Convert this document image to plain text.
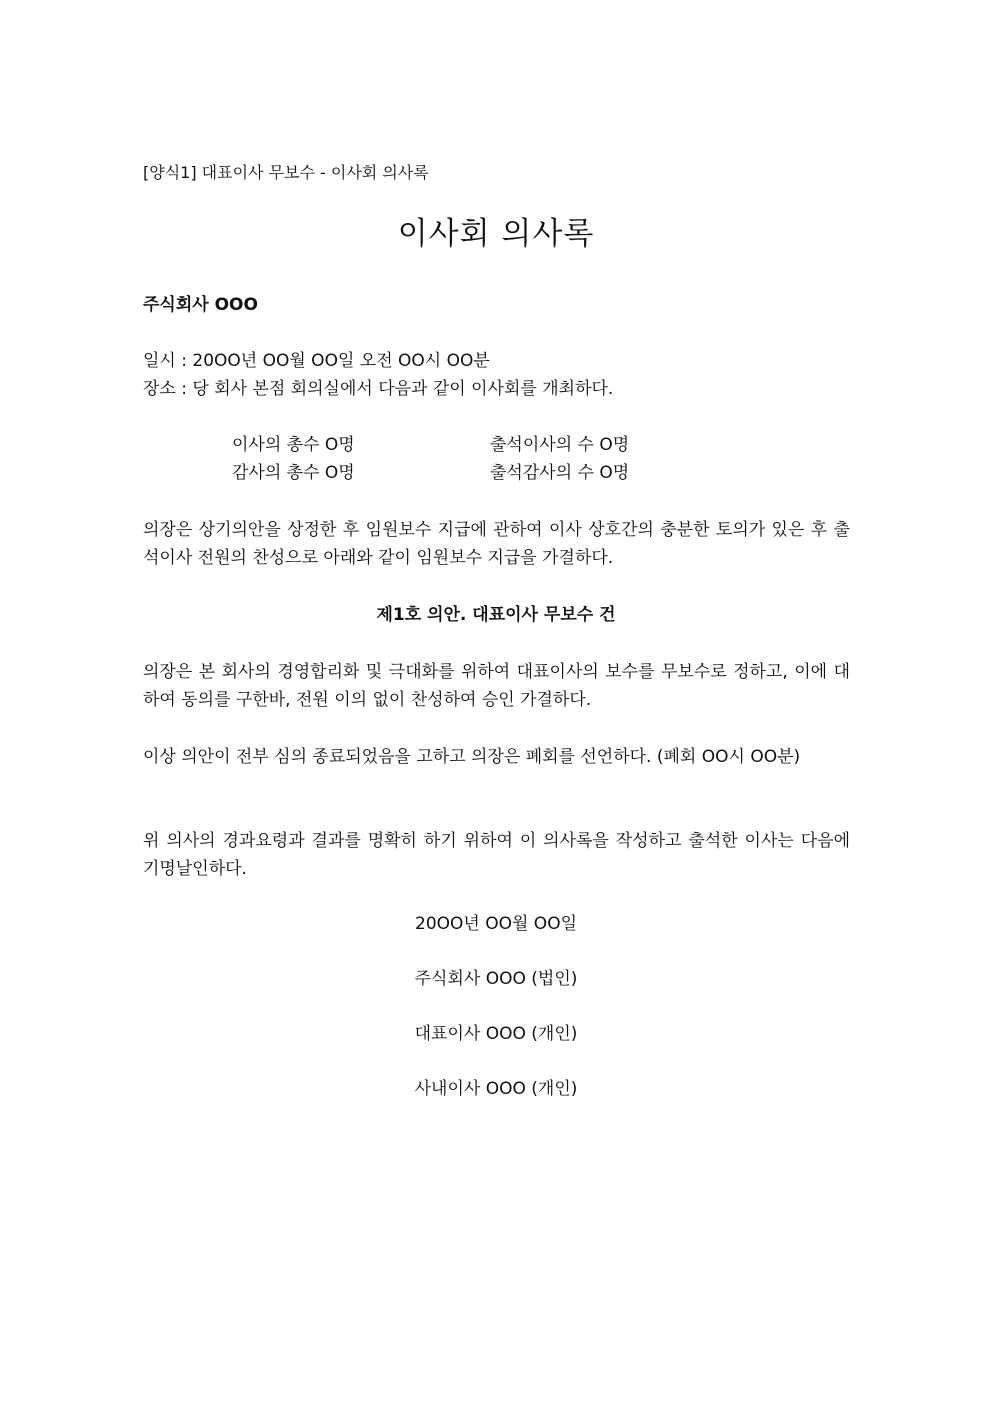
[양식1] 대표이사 무보수 - 이사회 의사록
이사회 의사록
주식회사 OOO
일시 : 20OO년 OO월 OO일 오전 OO시 OO분
장소 : 당 회사 본점 회의실에서 다음과 같이 이사회를 개최하다.
이사의 총수 O명	출석이사의 수 O명
감사의 총수 O명	출석감사의 수 O명
의장은 상기의안을 상정한 후 임원보수 지급에 관하여 이사 상호간의 충분한 토의가 있은 후 출석이사 전원의 찬성으로 아래와 같이 임원보수 지급을 가결하다.
제1호 의안. 대표이사 무보수 건
의장은 본 회사의 경영합리화 및 극대화를 위하여 대표이사의 보수를 무보수로 정하고, 이에 대하여 동의를 구한바, 전원 이의 없이 찬성하여 승인 가결하다.
이상 의안이 전부 심의 종료되었음을 고하고 의장은 폐회를 선언하다. (폐회 OO시 OO분)
위 의사의 경과요령과 결과를 명확히 하기 위하여 이 의사록을 작성하고 출석한 이사는 다음에 기명날인하다.
20OO년 OO월 OO일
주식회사 OOO (법인)
대표이사 OOO (개인)
사내이사 OOO (개인)
